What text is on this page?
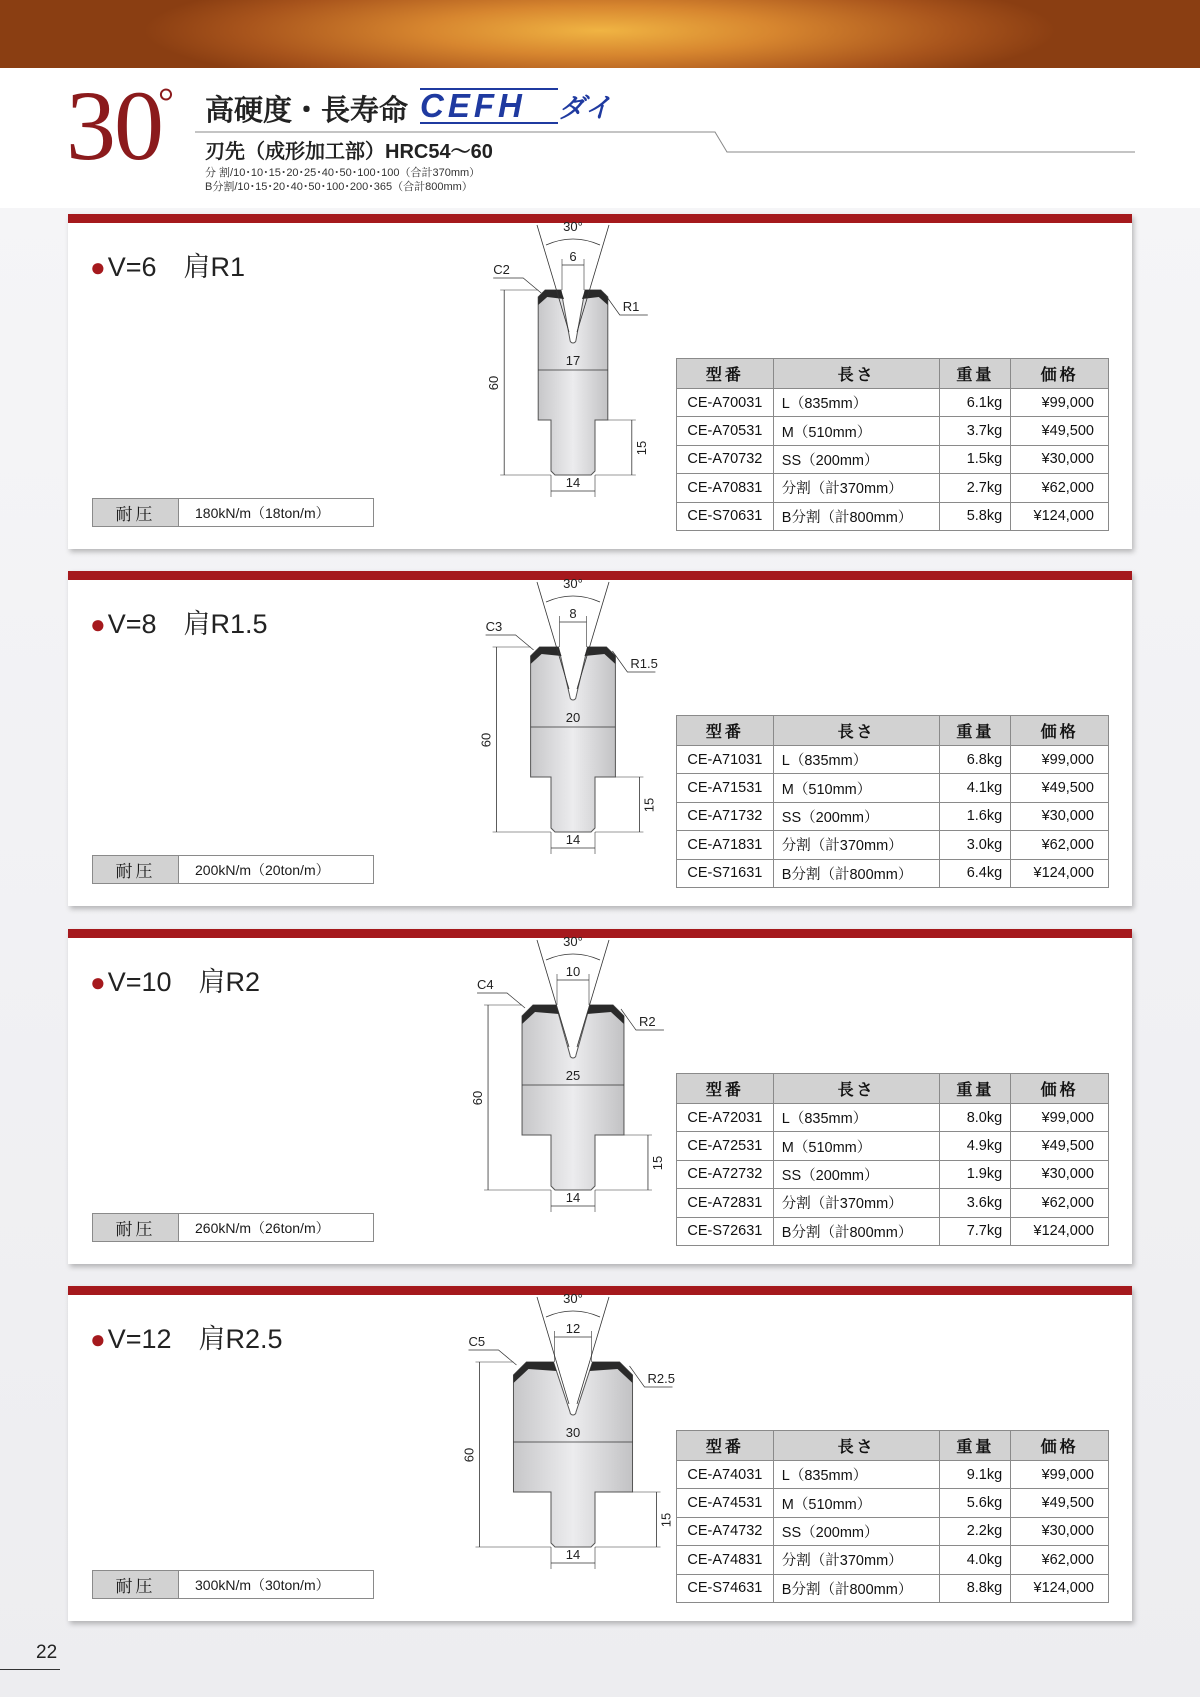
30
° 高硬度・長寿命 CEFH ダイ
刃先（成形加工部）HRC54～60
分 割/10･10･15･20･25･40･50･100･100（合計370mm）
B分割/10･15･20･40･50･100･200･365（合計800mm）
●V=6　肩R1
耐圧	180kN/m（18ton/m）
型番	長さ	重量	価格
CE-A70031	L（835mm）	6.1kg	¥99,000
CE-A70531	M（510mm）	3.7kg	¥49,500
CE-A70732	SS（200mm）	1.5kg	¥30,000
CE-A70831	分割（計370mm）	2.7kg	¥62,000
CE-S70631	B分割（計800mm）	5.8kg	¥124,000
30°
6
C2
R1
17
60
15
14
●V=8　肩R1.5
耐圧	200kN/m（20ton/m）
型番	長さ	重量	価格
CE-A71031	L（835mm）	6.8kg	¥99,000
CE-A71531	M（510mm）	4.1kg	¥49,500
CE-A71732	SS（200mm）	1.6kg	¥30,000
CE-A71831	分割（計370mm）	3.0kg	¥62,000
CE-S71631	B分割（計800mm）	6.4kg	¥124,000
30°
8
C3
R1.5
20
60
15
14
●V=10　肩R2
耐圧	260kN/m（26ton/m）
型番	長さ	重量	価格
CE-A72031	L（835mm）	8.0kg	¥99,000
CE-A72531	M（510mm）	4.9kg	¥49,500
CE-A72732	SS（200mm）	1.9kg	¥30,000
CE-A72831	分割（計370mm）	3.6kg	¥62,000
CE-S72631	B分割（計800mm）	7.7kg	¥124,000
30°
10
C4
R2
25
60
15
14
●V=12　肩R2.5
耐圧	300kN/m（30ton/m）
型番	長さ	重量	価格
CE-A74031	L（835mm）	9.1kg	¥99,000
CE-A74531	M（510mm）	5.6kg	¥49,500
CE-A74732	SS（200mm）	2.2kg	¥30,000
CE-A74831	分割（計370mm）	4.0kg	¥62,000
CE-S74631	B分割（計800mm）	8.8kg	¥124,000
30°
12
C5
R2.5
30
60
15
14
22
